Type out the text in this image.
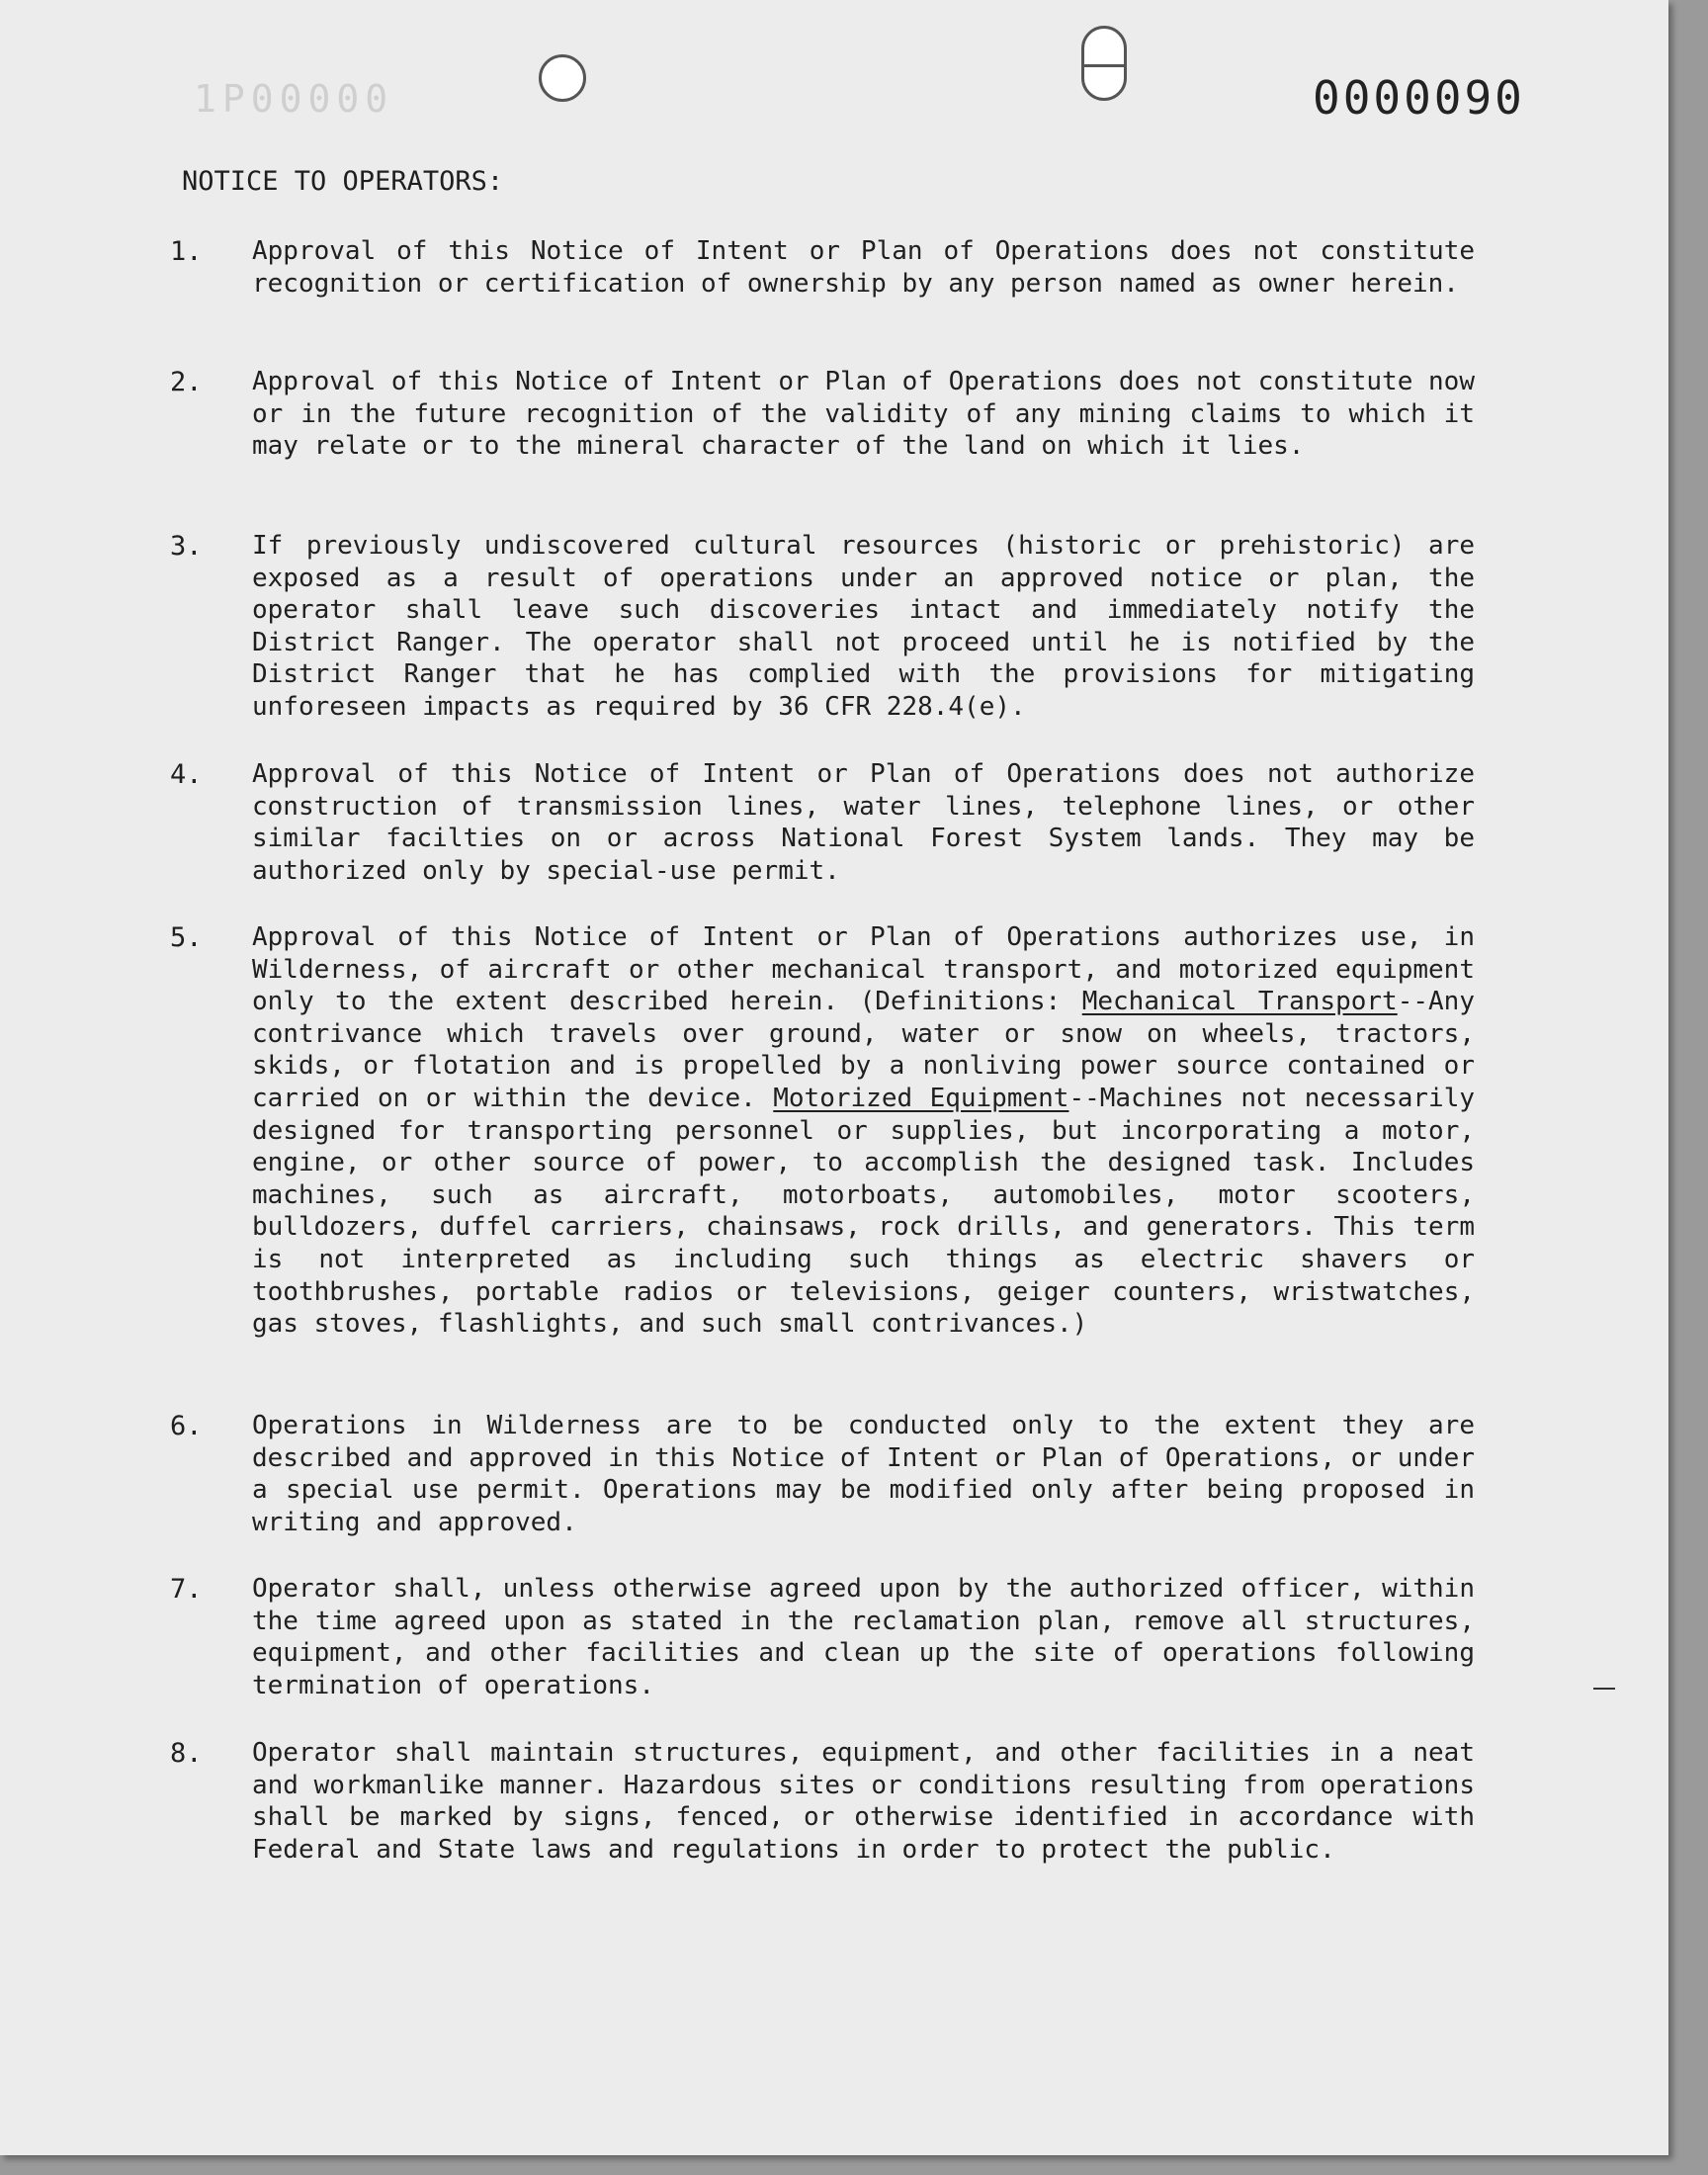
1P00000	0000090
NOTICE TO OPERATORS:
1. Approval of this Notice of Intent or Plan of Operations does not constitute recognition or certification of ownership by any person named as owner herein.
2. Approval of this Notice of Intent or Plan of Operations does not constitute now or in the future recognition of the validity of any mining claims to which it may relate or to the mineral character of the land on which it lies.
3. If previously undiscovered cultural resources (historic or prehistoric) are exposed as a result of operations under an approved notice or plan, the operator shall leave such discoveries intact and immediately notify the District Ranger. The operator shall not proceed until he is notified by the District Ranger that he has complied with the provisions for mitigating unforeseen impacts as required by 36 CFR 228.4(e).
4. Approval of this Notice of Intent or Plan of Operations does not authorize construction of transmission lines, water lines, telephone lines, or other similar facilties on or across National Forest System lands. They may be authorized only by special-use permit.
5. Approval of this Notice of Intent or Plan of Operations authorizes use, in Wilderness, of aircraft or other mechanical transport, and motorized equipment only to the extent described herein. (Definitions: Mechanical Transport--Any contrivance which travels over ground, water or snow on wheels, tractors, skids, or flotation and is propelled by a nonliving power source contained or carried on or within the device. Motorized Equipment--Machines not necessarily designed for transporting personnel or supplies, but incorporating a motor, engine, or other source of power, to accomplish the designed task. Includes machines, such as aircraft, motorboats, automobiles, motor scooters, bulldozers, duffel carriers, chainsaws, rock drills, and generators. This term is not interpreted as including such things as electric shavers or toothbrushes, portable radios or televisions, geiger counters, wristwatches, gas stoves, flashlights, and such small contrivances.)
6. Operations in Wilderness are to be conducted only to the extent they are described and approved in this Notice of Intent or Plan of Operations, or under a special use permit. Operations may be modified only after being proposed in writing and approved.
7. Operator shall, unless otherwise agreed upon by the authorized officer, within the time agreed upon as stated in the reclamation plan, remove all structures, equipment, and other facilities and clean up the site of operations following termination of operations.
8. Operator shall maintain structures, equipment, and other facilities in a neat and workmanlike manner. Hazardous sites or conditions resulting from operations shall be marked by signs, fenced, or otherwise identified in accordance with Federal and State laws and regulations in order to protect the public.
